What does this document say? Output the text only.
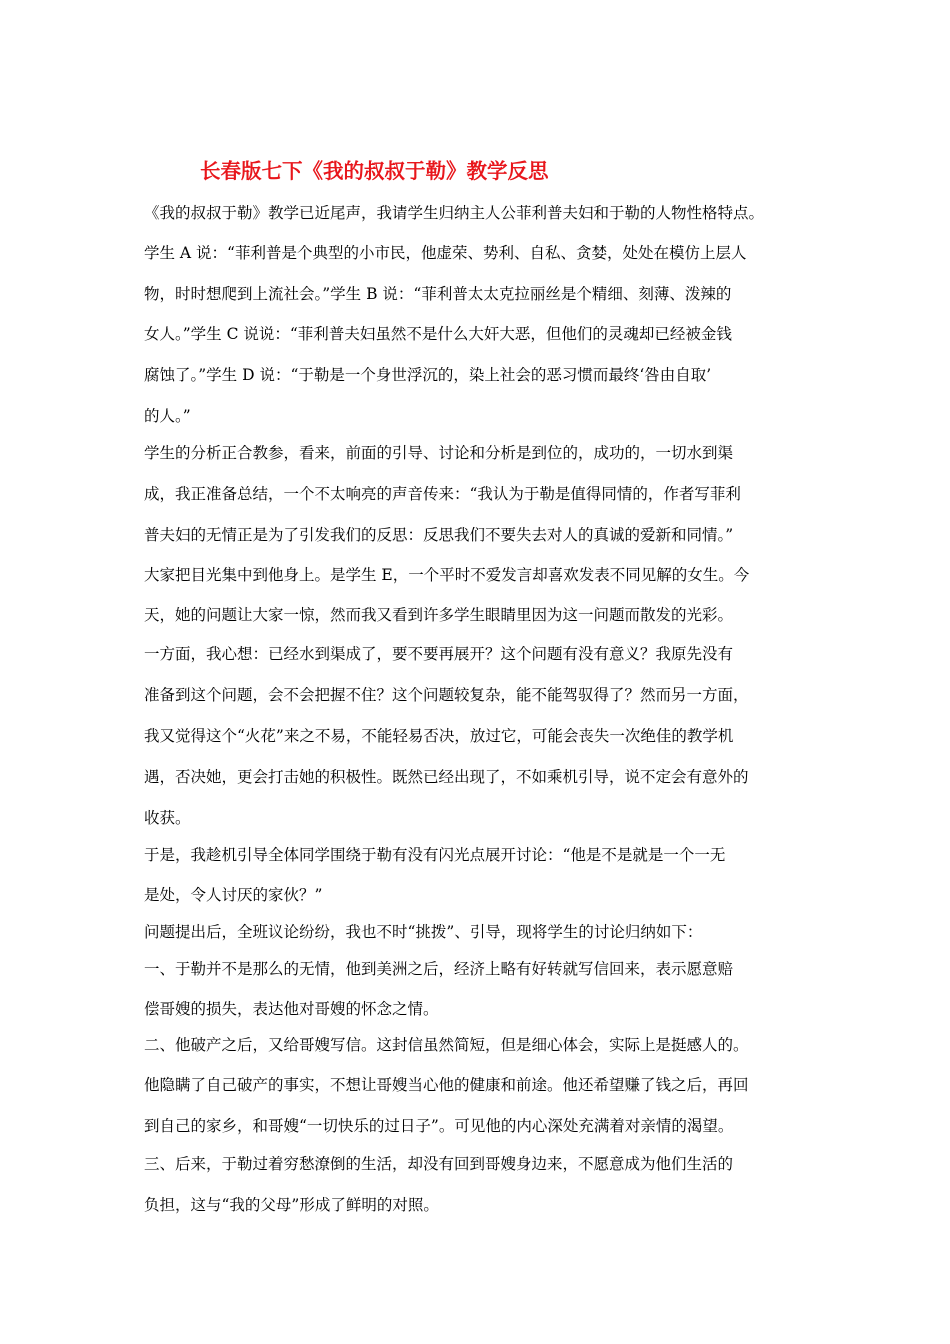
长春版七下《我的叔叔于勒》教学反思
《我的叔叔于勒》教学已近尾声，我请学生归纳主人公菲利普夫妇和于勒的人物性格特点。
学生 A 说：“菲利普是个典型的小市民，他虚荣、势利、自私、贪婪，处处在模仿上层人
物，时时想爬到上流社会。”学生 B 说：“菲利普太太克拉丽丝是个精细、刻薄、泼辣的
女人。”学生 C 说说：“菲利普夫妇虽然不是什么大奸大恶，但他们的灵魂却已经被金钱
腐蚀了。”学生 D 说：“于勒是一个身世浮沉的，染上社会的恶习惯而最终‘咎由自取’
的人。”
学生的分析正合教参，看来，前面的引导、讨论和分析是到位的，成功的，一切水到渠
成，我正准备总结，一个不太响亮的声音传来：“我认为于勒是值得同情的，作者写菲利
普夫妇的无情正是为了引发我们的反思：反思我们不要失去对人的真诚的爱新和同情。”
大家把目光集中到他身上。是学生 E，一个平时不爱发言却喜欢发表不同见解的女生。今
天，她的问题让大家一惊，然而我又看到许多学生眼睛里因为这一问题而散发的光彩。
一方面，我心想：已经水到渠成了，要不要再展开？这个问题有没有意义？我原先没有
准备到这个问题，会不会把握不住？这个问题较复杂，能不能驾驭得了？然而另一方面，
我又觉得这个“火花”来之不易，不能轻易否决，放过它，可能会丧失一次绝佳的教学机
遇，否决她，更会打击她的积极性。既然已经出现了，不如乘机引导，说不定会有意外的
收获。
于是，我趁机引导全体同学围绕于勒有没有闪光点展开讨论：“他是不是就是一个一无
是处，令人讨厌的家伙？”
问题提出后，全班议论纷纷，我也不时“挑拨”、引导，现将学生的讨论归纳如下：
一、于勒并不是那么的无情，他到美洲之后，经济上略有好转就写信回来，表示愿意赔
偿哥嫂的损失，表达他对哥嫂的怀念之情。
二、他破产之后，又给哥嫂写信。这封信虽然简短，但是细心体会，实际上是挺感人的。
他隐瞒了自己破产的事实，不想让哥嫂当心他的健康和前途。他还希望赚了钱之后，再回
到自己的家乡，和哥嫂“一切快乐的过日子”。可见他的内心深处充满着对亲情的渴望。
三、后来，于勒过着穷愁潦倒的生活，却没有回到哥嫂身边来，不愿意成为他们生活的
负担，这与“我的父母”形成了鲜明的对照。
